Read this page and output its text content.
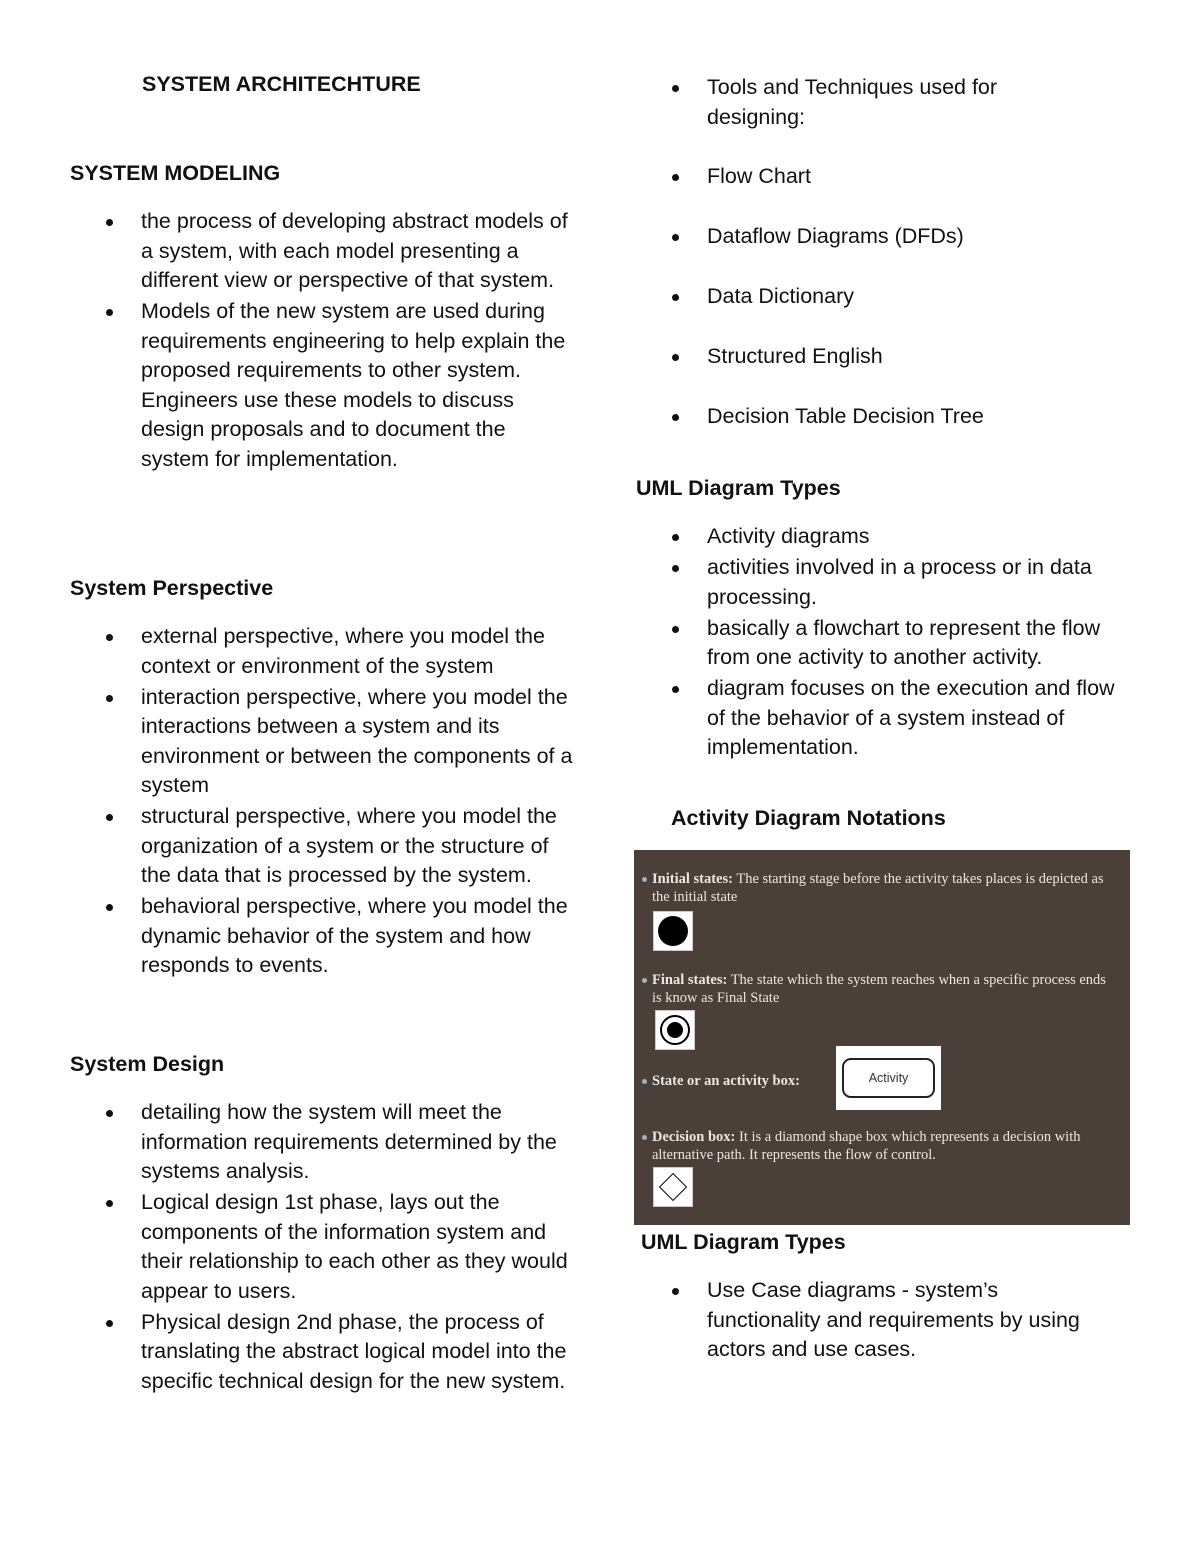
SYSTEM ARCHITECHTURE
SYSTEM MODELING
the process of developing abstract models of a system, with each model presenting a different view or perspective of that system.
Models of the new system are used during requirements engineering to help explain the proposed requirements to other system. Engineers use these models to discuss design proposals and to document the system for implementation.
System Perspective
external perspective, where you model the context or environment of the system
interaction perspective, where you model the interactions between a system and its environment or between the components of a system
structural perspective, where you model the organization of a system or the structure of the data that is processed by the system.
behavioral perspective, where you model the dynamic behavior of the system and how responds to events.
System Design
detailing how the system will meet the information requirements determined by the systems analysis.
Logical design 1st phase, lays out the components of the information system and their relationship to each other as they would appear to users.
Physical design 2nd phase, the process of translating the abstract logical model into the specific technical design for the new system.
Tools and Techniques used for designing:
Flow Chart
Dataflow Diagrams (DFDs)
Data Dictionary
Structured English
Decision Table Decision Tree
UML Diagram Types
Activity diagrams
activities involved in a process or in data processing.
basically a flowchart to represent the flow from one activity to another activity.
diagram focuses on the execution and flow of the behavior of a system instead of implementation.
Activity Diagram Notations
Initial states: The starting stage before the activity takes places is depicted as the initial state
Final states: The state which the system reaches when a specific process ends is know as Final State
State or an activity box:	Activity
Decision box: It is a diamond shape box which represents a decision with alternative path. It represents the flow of control.
UML Diagram Types
Use Case diagrams - system’s functionality and requirements by using actors and use cases.
